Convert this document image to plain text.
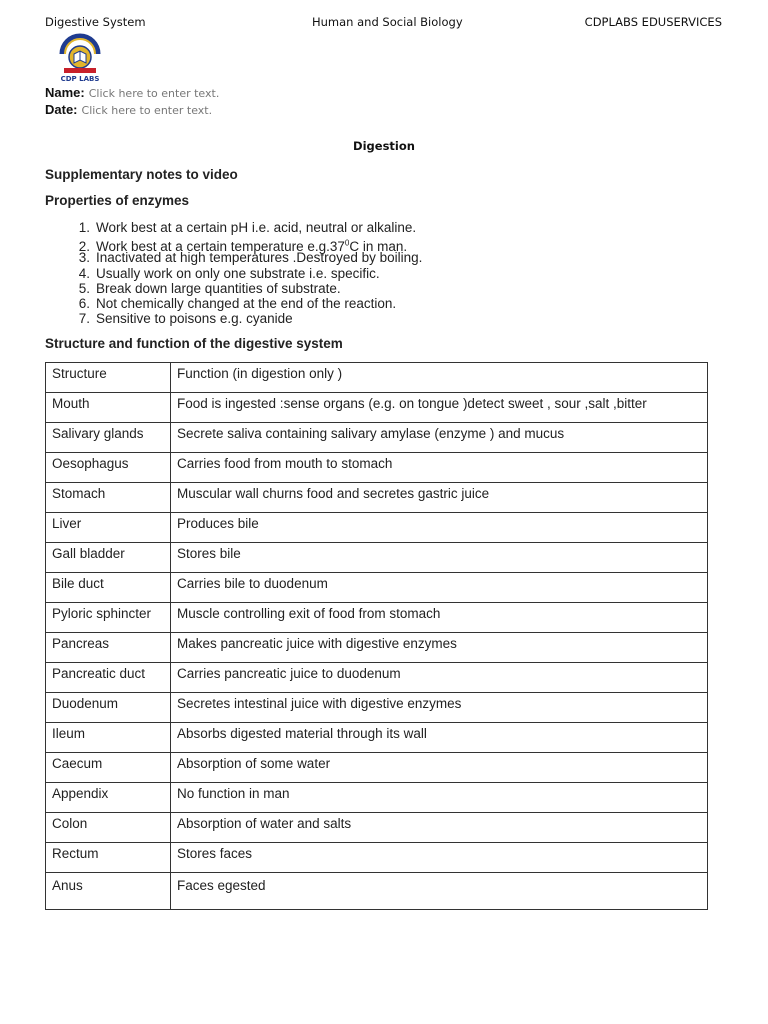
Digestive System	Human and Social Biology	CDPLABS EDUSERVICES
CDP LABS
Name: Click here to enter text.
Date: Click here to enter text.
Digestion
Supplementary notes to video
Properties of enzymes
1. Work best at a certain pH i.e. acid, neutral or alkaline.
2. Work best at a certain temperature $e.g.37^0C$ in man.
3. Inactivated at high temperatures .Destroyed by boiling.
4. Usually work on only one substrate i.e. specific.
5. Break down large quantities of substrate.
6. Not chemically changed at the end of the reaction.
7. Sensitive to poisons e.g. cyanide
Structure and function of the digestive system
Structure	Function (in digestion only )
Mouth	Food is ingested :sense organs (e.g. on tongue )detect sweet , sour ,salt ,bitter
Salivary glands	Secrete saliva containing salivary amylase (enzyme ) and mucus
Oesophagus	Carries food from mouth to stomach
Stomach	Muscular wall churns food and secretes gastric juice
Liver	Produces bile
Gall bladder	Stores bile
Bile duct	Carries bile to duodenum
Pyloric sphincter	Muscle controlling exit of food from stomach
Pancreas	Makes pancreatic juice with digestive enzymes
Pancreatic duct	Carries pancreatic juice to duodenum
Duodenum	Secretes intestinal juice with digestive enzymes
Ileum	Absorbs digested material through its wall
Caecum	Absorption of some water
Appendix	No function in man
Colon	Absorption of water and salts
Rectum	Stores faces
Anus	Faces egested
